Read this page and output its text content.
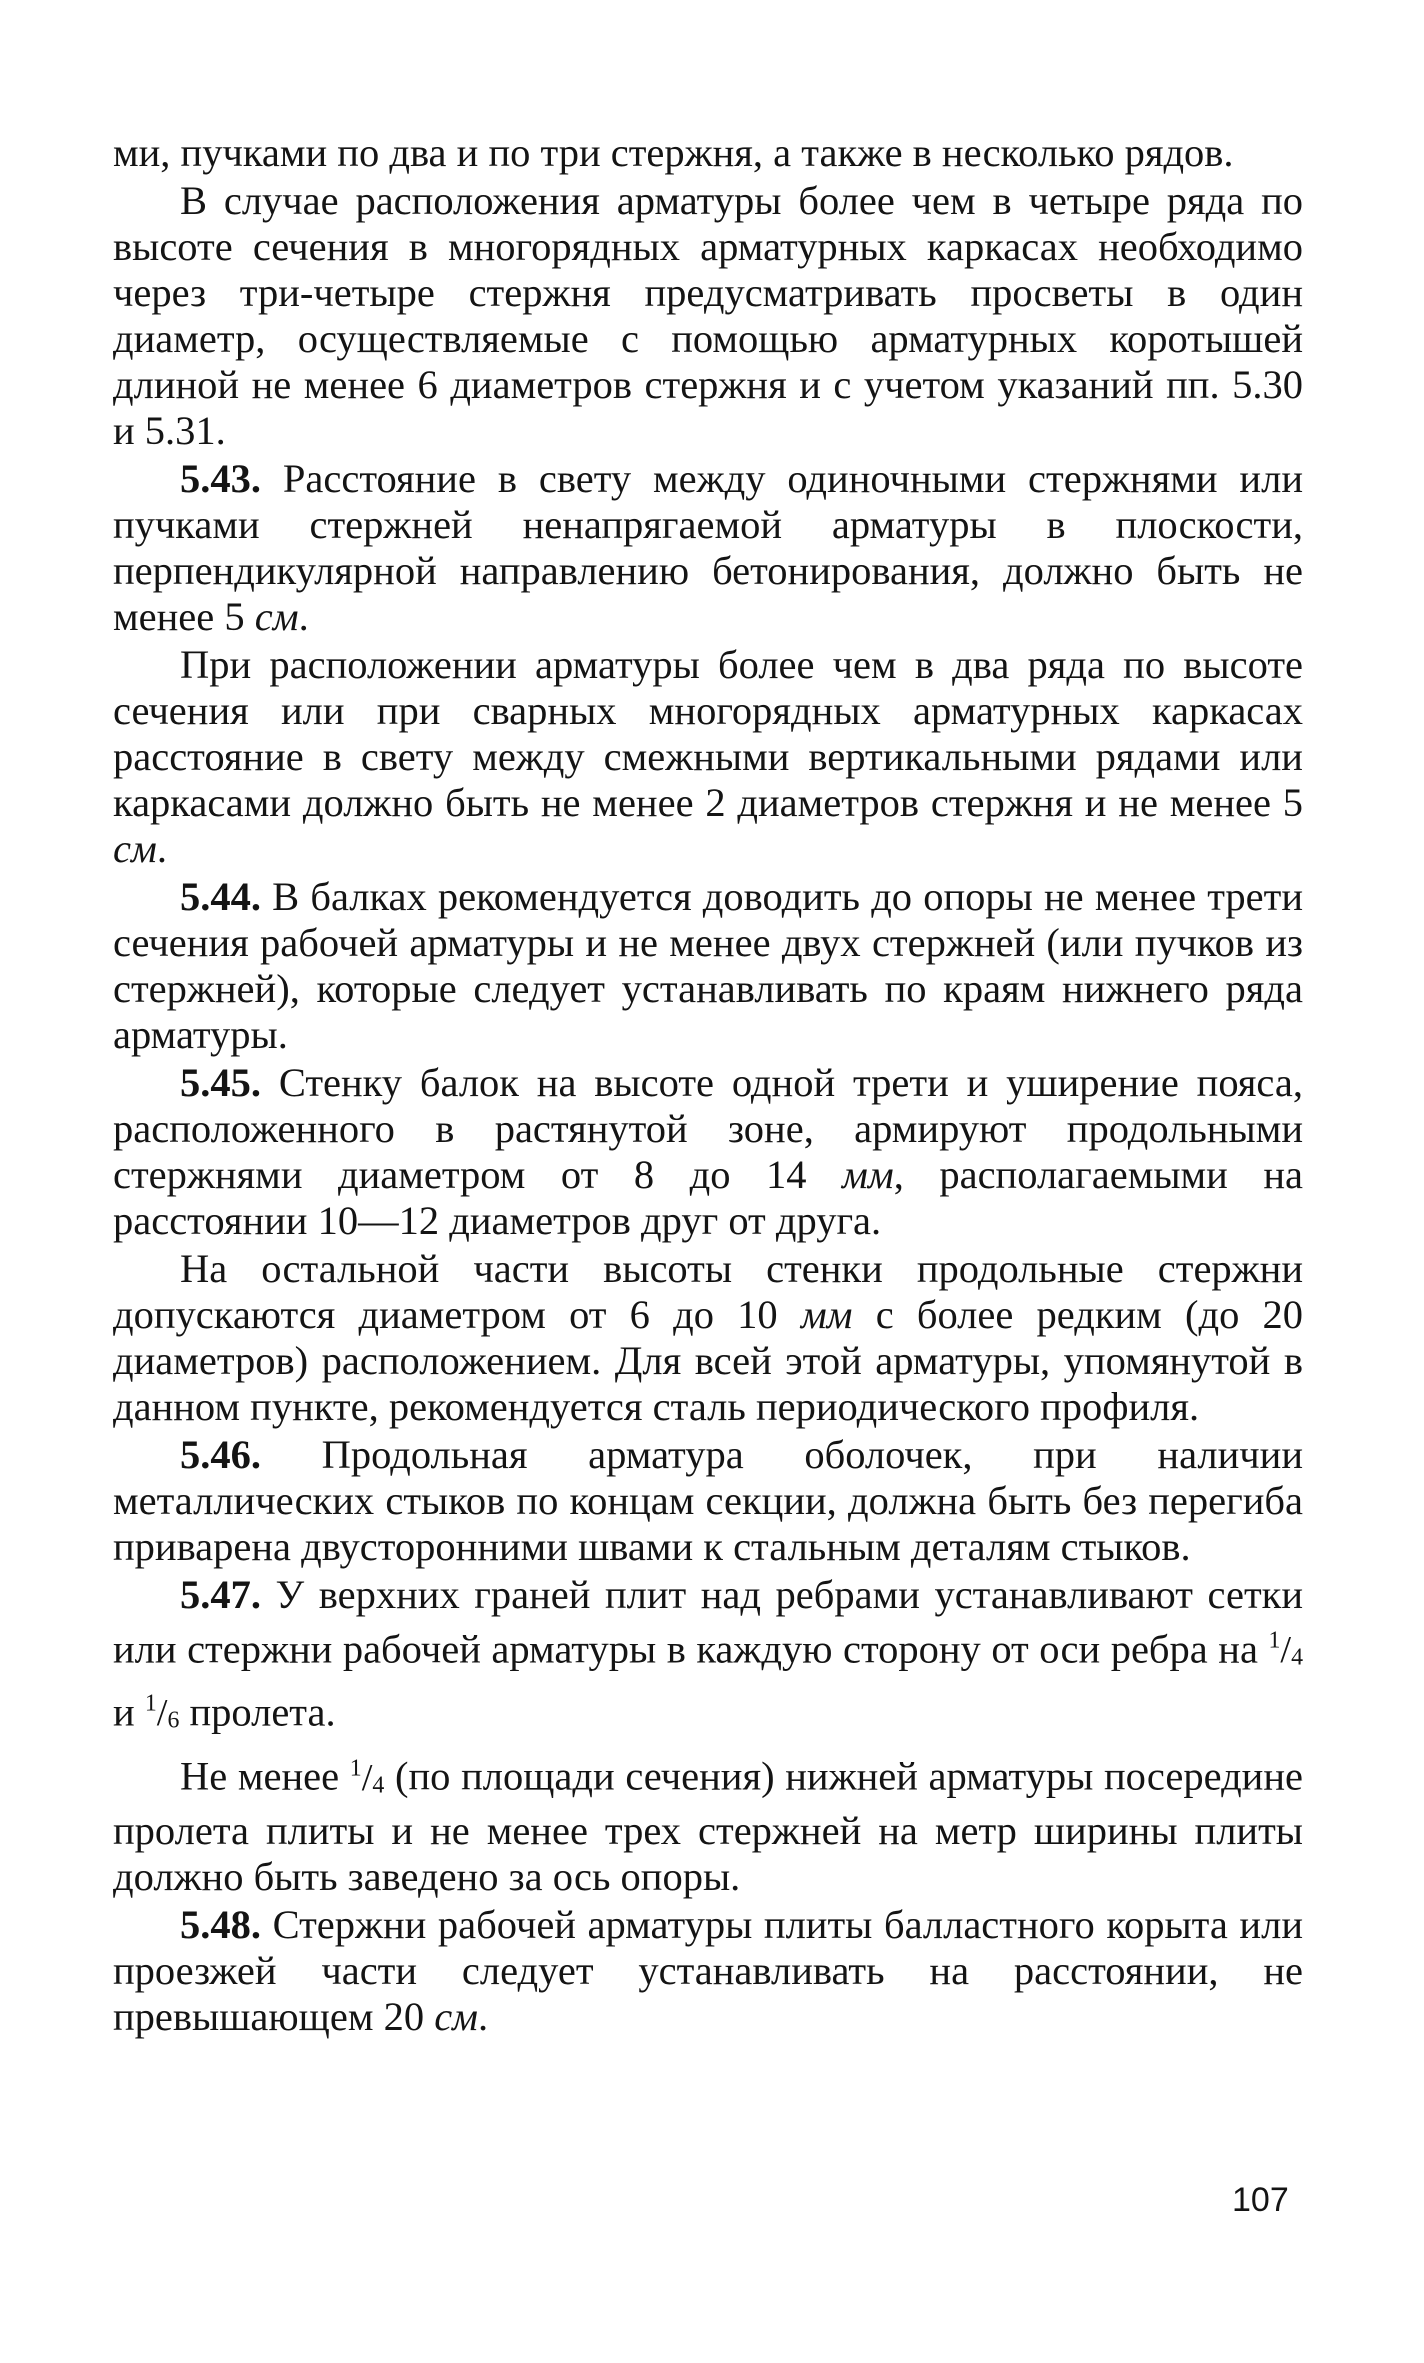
ми, пучками по два и по три стержня, а также в несколько рядов.

В случае расположения арматуры более чем в четыре ряда по высоте сечения в многорядных арматурных каркасах необходимо через три-четыре стержня предусматривать просветы в один диаметр, осуществляемые с помощью арматурных коротышей длиной не менее 6 диаметров стержня и с учетом указаний пп. 5.30 и 5.31.

5.43. Расстояние в свету между одиночными стержнями или пучками стержней ненапрягаемой арматуры в плоскости, перпендикулярной направлению бетонирования, должно быть не менее 5 см.

При расположении арматуры более чем в два ряда по высоте сечения или при сварных многорядных арматурных каркасах расстояние в свету между смежными вертикальными рядами или каркасами должно быть не менее 2 диаметров стержня и не менее 5 см.

5.44. В балках рекомендуется доводить до опоры не менее трети сечения рабочей арматуры и не менее двух стержней (или пучков из стержней), которые следует устанавливать по краям нижнего ряда арматуры.

5.45. Стенку балок на высоте одной трети и уширение пояса, расположенного в растянутой зоне, армируют продольными стержнями диаметром от 8 до 14 мм, располагаемыми на расстоянии 10—12 диаметров друг от друга.

На остальной части высоты стенки продольные стержни допускаются диаметром от 6 до 10 мм с более редким (до 20 диаметров) расположением. Для всей этой арматуры, упомянутой в данном пункте, рекомендуется сталь периодического профиля.

5.46. Продольная арматура оболочек, при наличии металлических стыков по концам секции, должна быть без перегиба приварена двусторонними швами к стальным деталям стыков.

5.47. У верхних граней плит над ребрами устанавливают сетки или стержни рабочей арматуры в каждую сторону от оси ребра на $^1/_4$ и $^1/_6$ пролета.

Не менее $^1/_4$ (по площади сечения) нижней арматуры посередине пролета плиты и не менее трех стержней на метр ширины плиты должно быть заведено за ось опоры.

5.48. Стержни рабочей арматуры плиты балластного корыта или проезжей части следует устанавливать на расстоянии, не превышающем 20 см.

107
